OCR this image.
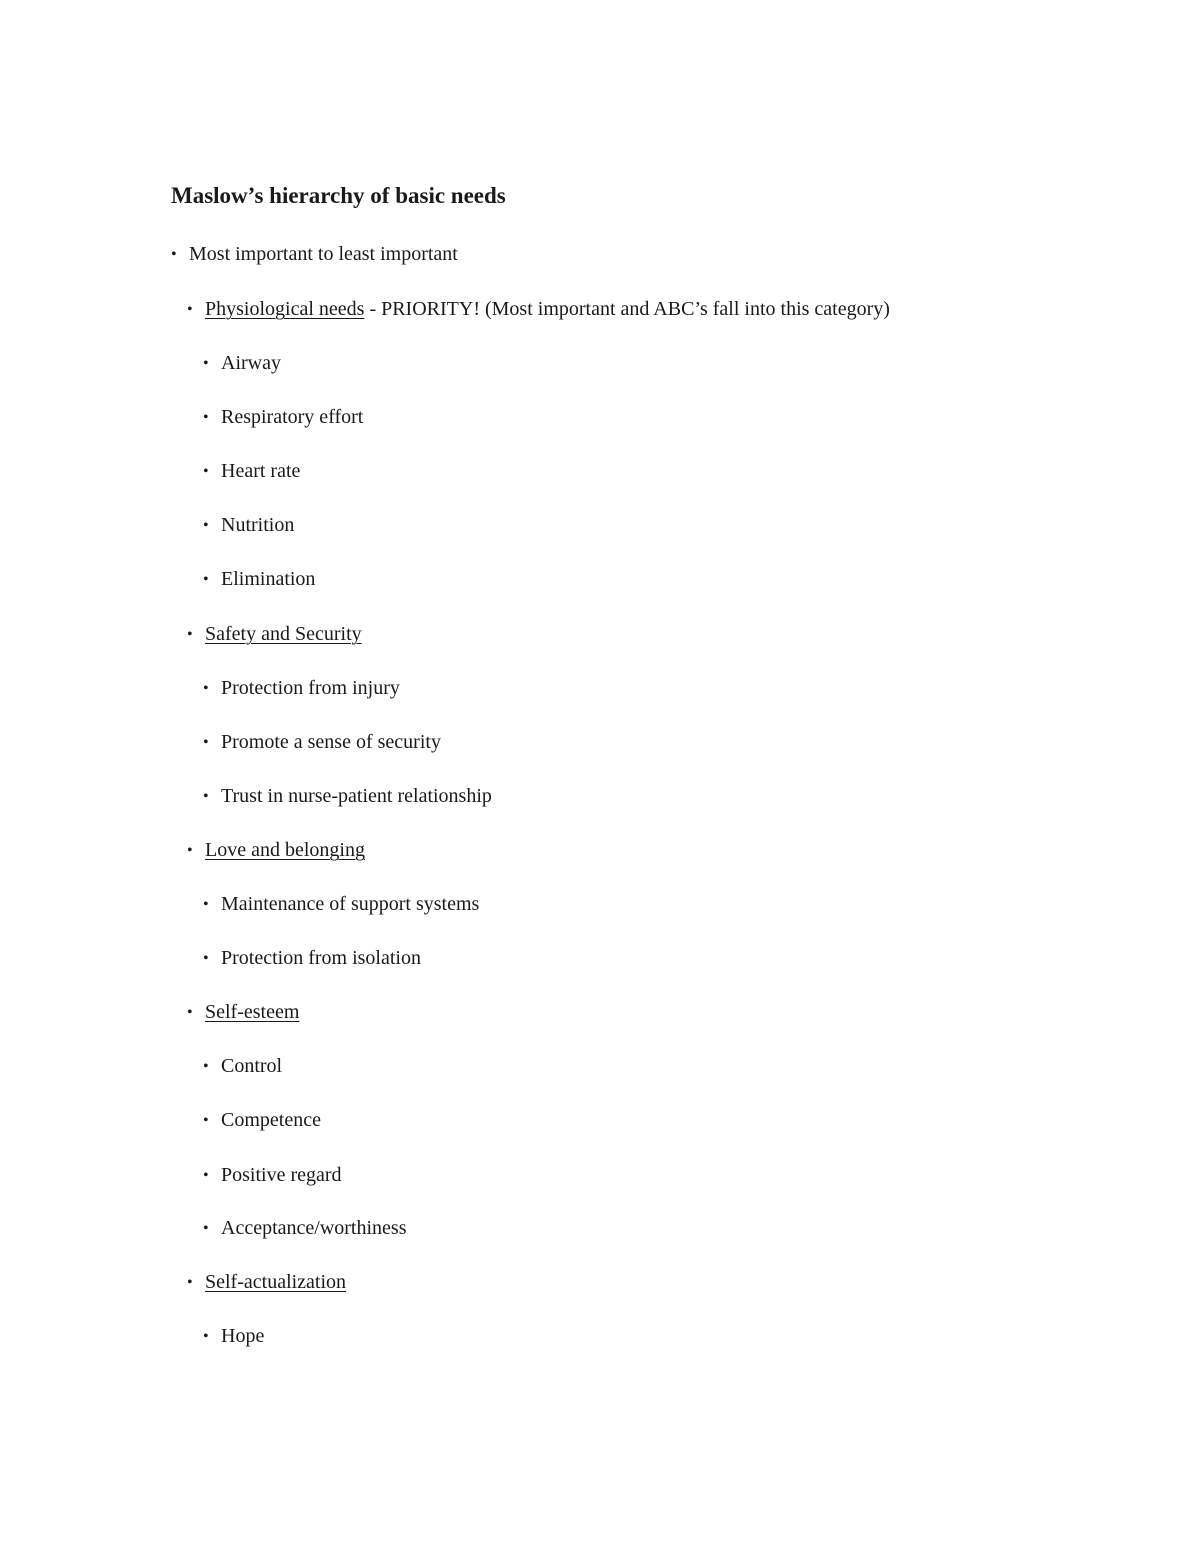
Maslow’s hierarchy of basic needs
• Most important to least important
• Physiological needs - PRIORITY! (Most important and ABC’s fall into this category)
• Airway
• Respiratory effort
• Heart rate
• Nutrition
• Elimination
• Safety and Security
• Protection from injury
• Promote a sense of security
• Trust in nurse-patient relationship
• Love and belonging
• Maintenance of support systems
• Protection from isolation
• Self-esteem
• Control
• Competence
• Positive regard
• Acceptance/worthiness
• Self-actualization
• Hope
